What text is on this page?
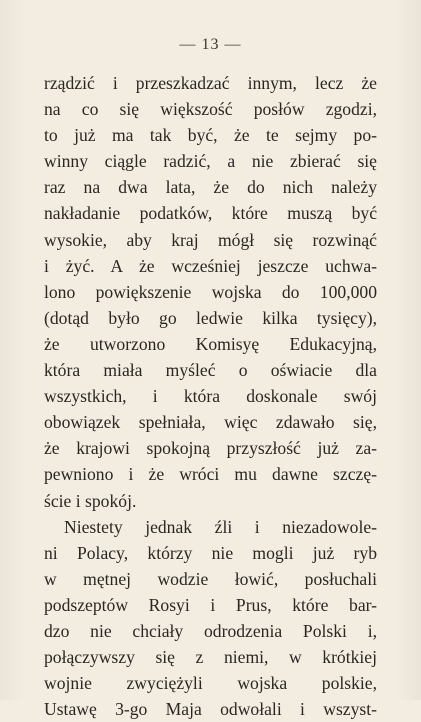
— 13 —
rządzić i przeszkadzać innym, lecz że
na co się większość posłów zgodzi,
to już ma tak być, że te sejmy po-
winny ciągle radzić, a nie zbierać się
raz na dwa lata, że do nich należy
nakładanie podatków, które muszą być
wysokie, aby kraj mógł się rozwinąć
i żyć. A że wcześniej jeszcze uchwa-
lono powiększenie wojska do 100,000
(dotąd było go ledwie kilka tysięcy),
że utworzono Komisyę Edukacyjną,
która miała myśleć o oświacie dla
wszystkich, i która doskonale swój
obowiązek spełniała, więc zdawało się,
że krajowi spokojną przyszłość już za-
pewniono i że wróci mu dawne szczę-
ście i spokój.
Niestety jednak źli i niezadowole-
ni Polacy, którzy nie mogli już ryb
w mętnej wodzie łowić, posłuchali
podszeptów Rosyi i Prus, które bar-
dzo nie chciały odrodzenia Polski i,
połączywszy się z niemi, w krótkiej
wojnie zwyciężyli wojska polskie,
Ustawę 3-go Maja odwołali i wszyst-
